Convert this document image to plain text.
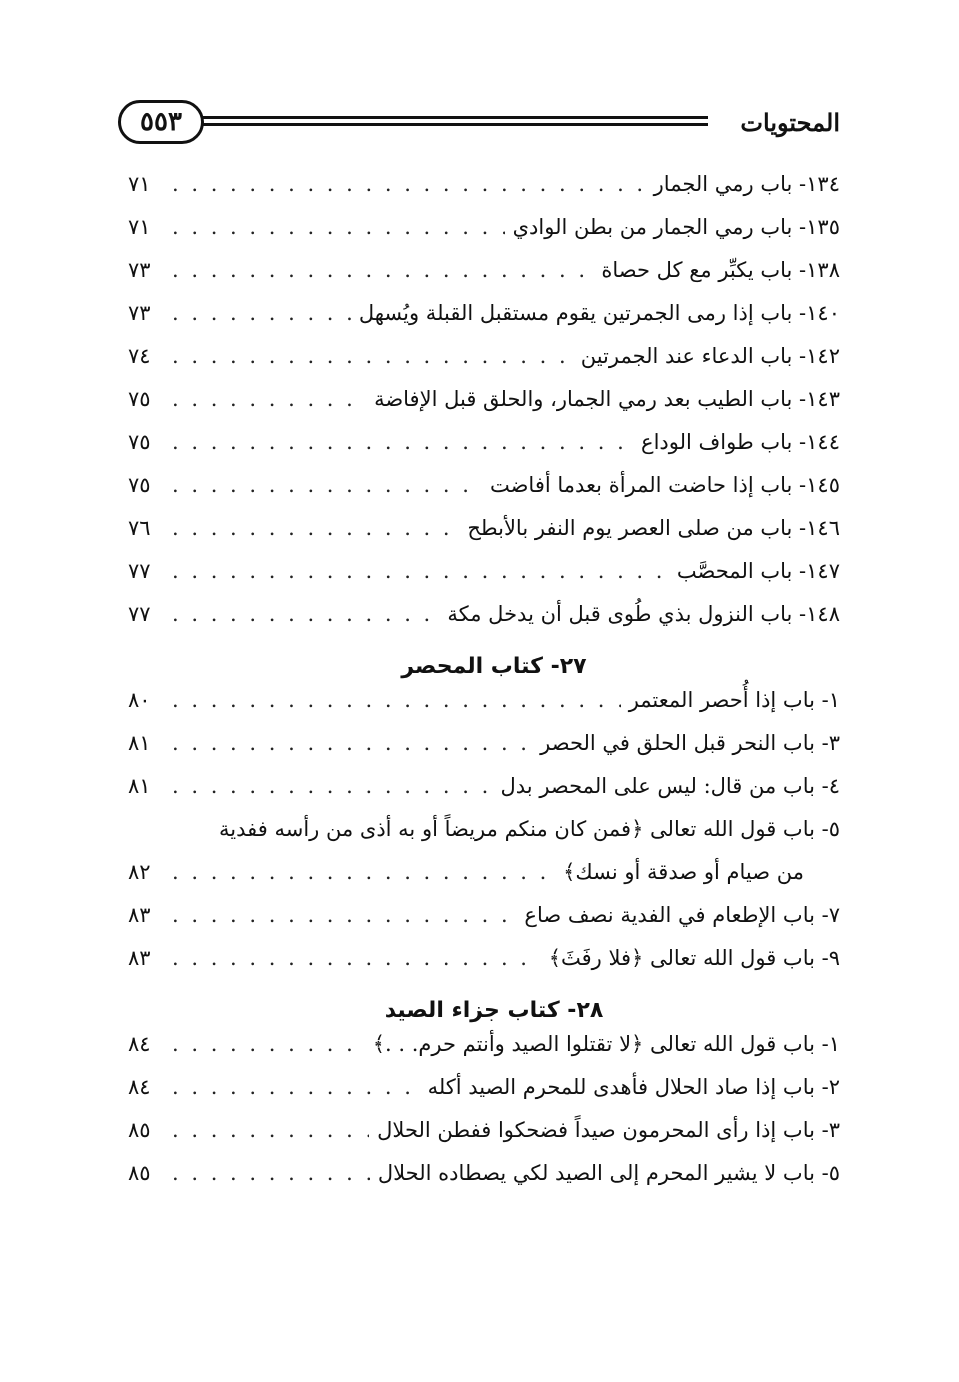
٥٥٣	المحتويات
١٣٤- باب رمي الجمار
. . .
٧١
١٣٥- باب رمي الجمار من بطن الوادي
. . .
٧١
١٣٨- باب يكبِّر مع كل حصاة
. . .
٧٣
١٤٠- باب إذا رمى الجمرتين يقوم مستقبل القبلة ويُسهل
. . .
٧٣
١٤٢- باب الدعاء عند الجمرتين
. . .
٧٤
١٤٣- باب الطيب بعد رمي الجمار، والحلق قبل الإفاضة
. . .
٧٥
١٤٤- باب طواف الوداع
. . .
٧٥
١٤٥- باب إذا حاضت المرأة بعدما أفاضت
. . .
٧٥
١٤٦- باب من صلى العصر يوم النفر بالأبطح
. . .
٧٦
١٤٧- باب المحصَّب
. . .
٧٧
١٤٨- باب النزول بذي طُوى قبل أن يدخل مكة
. . .
٧٧
٢٧- كتاب المحصر
١- باب إذا أُحصر المعتمر
. . .
٨٠
٣- باب النحر قبل الحلق في الحصر
. . .
٨١
٤- باب من قال: ليس على المحصر بدل
. . .
٨١
٥- باب قول الله تعالى ﴿فمن كان منكم مريضاً أو به أذى من رأسه ففدية
من صيام أو صدقة أو نسك﴾
. . .
٨٢
٧- باب الإطعام في الفدية نصف صاع
. . .
٨٣
٩- باب قول الله تعالى ﴿فلا رفَثَ﴾
. . .
٨٣
٢٨- كتاب جزاء الصيد
١- باب قول الله تعالى ﴿لا تقتلوا الصيد وأنتم حرم. . .﴾
. . .
٨٤
٢- باب إذا صاد الحلال فأهدى للمحرم الصيد أكله
. . .
٨٤
٣- باب إذا رأى المحرمون صيداً فضحكوا ففطن الحلال
. . .
٨٥
٥- باب لا يشير المحرم إلى الصيد لكي يصطاده الحلال
. . .
٨٥
